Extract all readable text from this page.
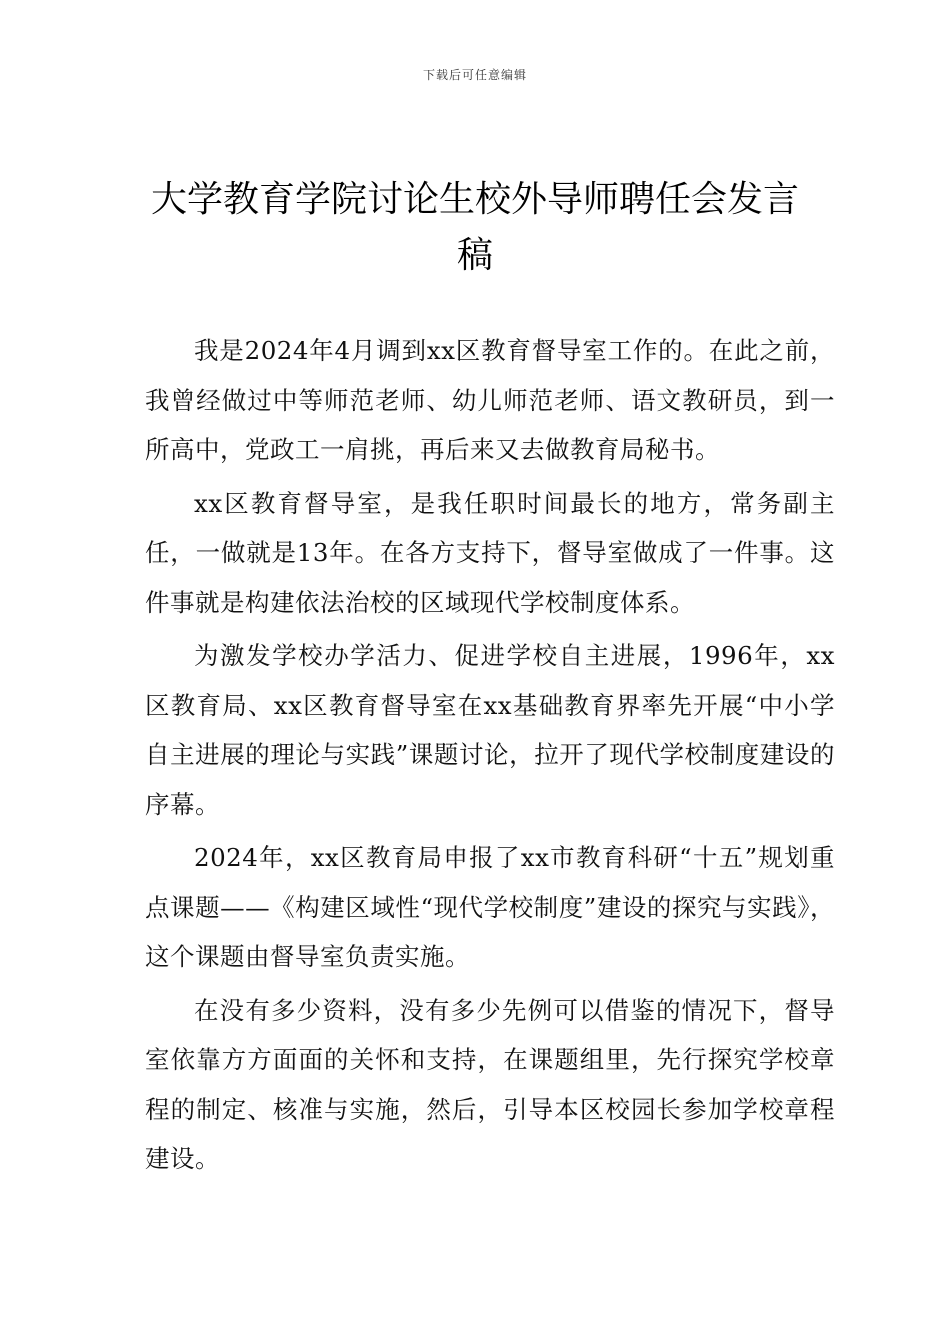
下载后可任意编辑
大学教育学院讨论生校外导师聘任会发言稿

我是2024年4月调到xx区教育督导室工作的。在此之前，我曾经做过中等师范老师、幼儿师范老师、语文教研员，到一所高中，党政工一肩挑，再后来又去做教育局秘书。

xx区教育督导室，是我任职时间最长的地方，常务副主任，一做就是13年。在各方支持下，督导室做成了一件事。这件事就是构建依法治校的区域现代学校制度体系。

为激发学校办学活力、促进学校自主进展，1996年，xx区教育局、xx区教育督导室在xx基础教育界率先开展“中小学自主进展的理论与实践”课题讨论，拉开了现代学校制度建设的序幕。

2024年，xx区教育局申报了xx市教育科研“十五”规划重点课题——《构建区域性“现代学校制度”建设的探究与实践》，这个课题由督导室负责实施。

在没有多少资料，没有多少先例可以借鉴的情况下，督导室依靠方方面面的关怀和支持，在课题组里，先行探究学校章程的制定、核准与实施，然后，引导本区校园长参加学校章程建设。
